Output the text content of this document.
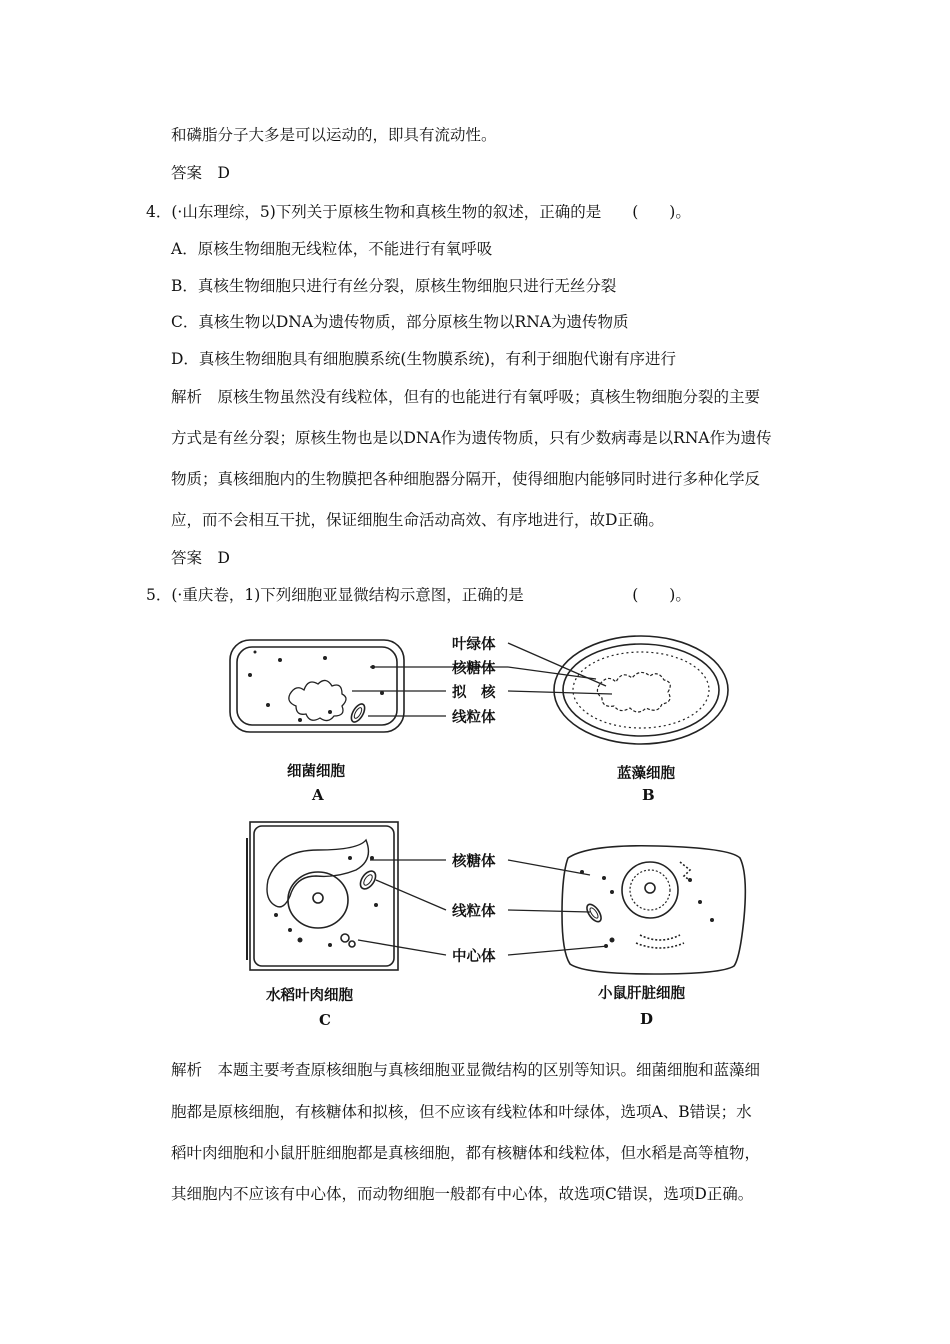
和磷脂分子大多是可以运动的，即具有流动性。
答案　D
4．(·山东理综，5)下列关于原核生物和真核生物的叙述，正确的是　　(　　)。
A．原核生物细胞无线粒体，不能进行有氧呼吸
B．真核生物细胞只进行有丝分裂，原核生物细胞只进行无丝分裂
C．真核生物以DNA为遗传物质，部分原核生物以RNA为遗传物质
D．真核生物细胞具有细胞膜系统(生物膜系统)，有利于细胞代谢有序进行
解析　原核生物虽然没有线粒体，但有的也能进行有氧呼吸；真核生物细胞分裂的主要
方式是有丝分裂；原核生物也是以DNA作为遗传物质，只有少数病毒是以RNA作为遗传
物质；真核细胞内的生物膜把各种细胞器分隔开，使得细胞内能够同时进行多种化学反
应，而不会相互干扰，保证细胞生命活动高效、有序地进行，故D正确。
答案　D
5．(·重庆卷，1)下列细胞亚显微结构示意图，正确的是　　　　　　　(　　)。
叶绿体
核糖体
拟　核
线粒体
核糖体
线粒体
中心体
细菌细胞
A
蓝藻细胞
B
水稻叶肉细胞
C
小鼠肝脏细胞
D
解析　本题主要考查原核细胞与真核细胞亚显微结构的区别等知识。细菌细胞和蓝藻细
胞都是原核细胞，有核糖体和拟核，但不应该有线粒体和叶绿体，选项A、B错误；水
稻叶肉细胞和小鼠肝脏细胞都是真核细胞，都有核糖体和线粒体，但水稻是高等植物，
其细胞内不应该有中心体，而动物细胞一般都有中心体，故选项C错误，选项D正确。
